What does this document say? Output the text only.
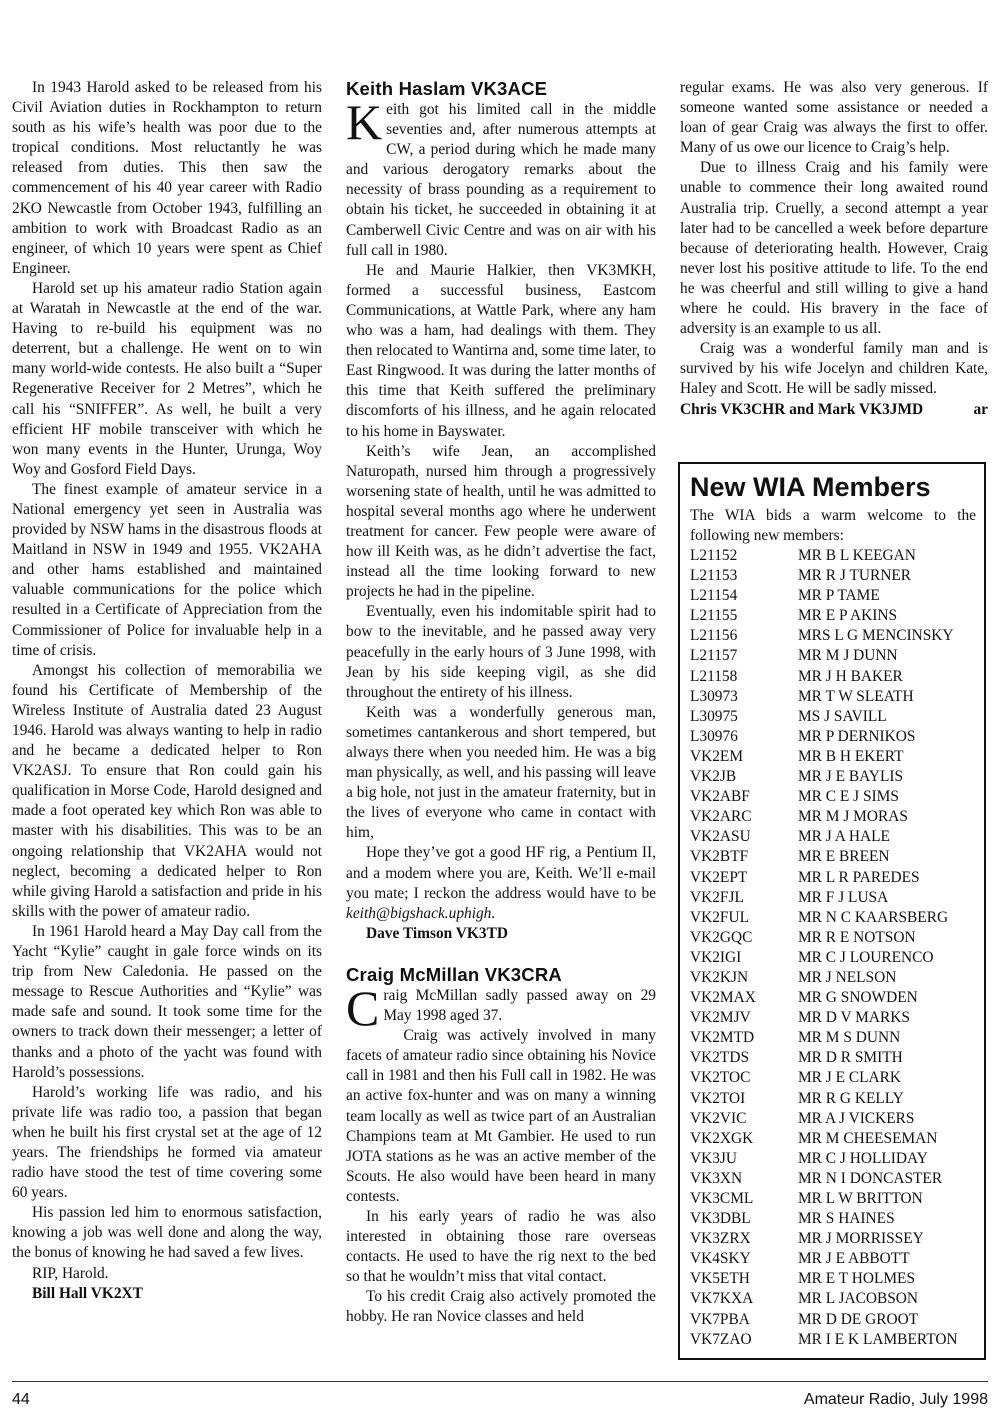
In 1943 Harold asked to be released from his Civil Aviation duties in Rockhampton to return south as his wife’s health was poor due to the tropical conditions. Most reluctantly he was released from duties. This then saw the commencement of his 40 year career with Radio 2KO Newcastle from October 1943, fulfilling an ambition to work with Broadcast Radio as an engineer, of which 10 years were spent as Chief Engineer.

Harold set up his amateur radio Station again at Waratah in Newcastle at the end of the war. Having to re-build his equipment was no deterrent, but a challenge. He went on to win many world-wide contests. He also built a “Super Regenerative Receiver for 2 Metres”, which he call his “SNIFFER”. As well, he built a very efficient HF mobile transceiver with which he won many events in the Hunter, Urunga, Woy Woy and Gosford Field Days.

The finest example of amateur service in a National emergency yet seen in Australia was provided by NSW hams in the disastrous floods at Maitland in NSW in 1949 and 1955. VK2AHA and other hams established and maintained valuable communications for the police which resulted in a Certificate of Appreciation from the Commissioner of Police for invaluable help in a time of crisis.

Amongst his collection of memorabilia we found his Certificate of Membership of the Wireless Institute of Australia dated 23 August 1946. Harold was always wanting to help in radio and he became a dedicated helper to Ron VK2ASJ. To ensure that Ron could gain his qualification in Morse Code, Harold designed and made a foot operated key which Ron was able to master with his disabilities. This was to be an ongoing relationship that VK2AHA would not neglect, becoming a dedicated helper to Ron while giving Harold a satisfaction and pride in his skills with the power of amateur radio.

In 1961 Harold heard a May Day call from the Yacht “Kylie” caught in gale force winds on its trip from New Caledonia. He passed on the message to Rescue Authorities and “Kylie” was made safe and sound. It took some time for the owners to track down their messenger; a letter of thanks and a photo of the yacht was found with Harold’s possessions.

Harold’s working life was radio, and his private life was radio too, a passion that began when he built his first crystal set at the age of 12 years. The friendships he formed via amateur radio have stood the test of time covering some 60 years.

His passion led him to enormous satisfaction, knowing a job was well done and along the way, the bonus of knowing he had saved a few lives.

RIP, Harold.

Bill Hall VK2XT

Keith Haslam VK3ACE

Keith got his limited call in the middle seventies and, after numerous attempts at CW, a period during which he made many and various derogatory remarks about the necessity of brass pounding as a requirement to obtain his ticket, he succeeded in obtaining it at Camberwell Civic Centre and was on air with his full call in 1980.

He and Maurie Halkier, then VK3MKH, formed a successful business, Eastcom Communications, at Wattle Park, where any ham who was a ham, had dealings with them. They then relocated to Wantirna and, some time later, to East Ringwood. It was during the latter months of this time that Keith suffered the preliminary discomforts of his illness, and he again relocated to his home in Bayswater.

Keith’s wife Jean, an accomplished Naturopath, nursed him through a progressively worsening state of health, until he was admitted to hospital several months ago where he underwent treatment for cancer. Few people were aware of how ill Keith was, as he didn’t advertise the fact, instead all the time looking forward to new projects he had in the pipeline.

Eventually, even his indomitable spirit had to bow to the inevitable, and he passed away very peacefully in the early hours of 3 June 1998, with Jean by his side keeping vigil, as she did throughout the entirety of his illness.

Keith was a wonderfully generous man, sometimes cantankerous and short tempered, but always there when you needed him. He was a big man physically, as well, and his passing will leave a big hole, not just in the amateur fraternity, but in the lives of everyone who came in contact with him,

Hope they’ve got a good HF rig, a Pentium II, and a modem where you are, Keith. We’ll e-mail you mate; I reckon the address would have to be keith@bigshack.uphigh.

Dave Timson VK3TD

Craig McMillan VK3CRA

Craig McMillan sadly passed away on 29 May 1998 aged 37.

Craig was actively involved in many facets of amateur radio since obtaining his Novice call in 1981 and then his Full call in 1982. He was an active fox-hunter and was on many a winning team locally as well as twice part of an Australian Champions team at Mt Gambier. He used to run JOTA stations as he was an active member of the Scouts. He also would have been heard in many contests.

In his early years of radio he was also interested in obtaining those rare overseas contacts. He used to have the rig next to the bed so that he wouldn’t miss that vital contact.

To his credit Craig also actively promoted the hobby. He ran Novice classes and held

regular exams. He was also very generous. If someone wanted some assistance or needed a loan of gear Craig was always the first to offer. Many of us owe our licence to Craig’s help.

Due to illness Craig and his family were unable to commence their long awaited round Australia trip. Cruelly, a second attempt a year later had to be cancelled a week before departure because of deteriorating health. However, Craig never lost his positive attitude to life. To the end he was cheerful and still willing to give a hand where he could. His bravery in the face of adversity is an example to us all.

Craig was a wonderful family man and is survived by his wife Jocelyn and children Kate, Haley and Scott. He will be sadly missed.

Chris VK3CHR and Mark VK3JMD	ar
New WIA Members

The WIA bids a warm welcome to the following new members:

L21152	MR B L KEEGAN
L21153	MR R J TURNER
L21154	MR P TAME
L21155	MR E P AKINS
L21156	MRS L G MENCINSKY
L21157	MR M J DUNN
L21158	MR J H BAKER
L30973	MR T W SLEATH
L30975	MS J SAVILL
L30976	MR P DERNIKOS
VK2EM	MR B H EKERT
VK2JB	MR J E BAYLIS
VK2ABF	MR C E J SIMS
VK2ARC	MR M J MORAS
VK2ASU	MR J A HALE
VK2BTF	MR E BREEN
VK2EPT	MR L R PAREDES
VK2FJL	MR F J LUSA
VK2FUL	MR N C KAARSBERG
VK2GQC	MR R E NOTSON
VK2IGI	MR C J LOURENCO
VK2KJN	MR J NELSON
VK2MAX	MR G SNOWDEN
VK2MJV	MR D V MARKS
VK2MTD	MR M S DUNN
VK2TDS	MR D R SMITH
VK2TOC	MR J E CLARK
VK2TOI	MR R G KELLY
VK2VIC	MR A J VICKERS
VK2XGK	MR M CHEESEMAN
VK3JU	MR C J HOLLIDAY
VK3XN	MR N I DONCASTER
VK3CML	MR L W BRITTON
VK3DBL	MR S HAINES
VK3ZRX	MR J MORRISSEY
VK4SKY	MR J E ABBOTT
VK5ETH	MR E T HOLMES
VK7KXA	MR L JACOBSON
VK7PBA	MR D DE GROOT
VK7ZAO	MR I E K LAMBERTON
44	Amateur Radio, July 1998
